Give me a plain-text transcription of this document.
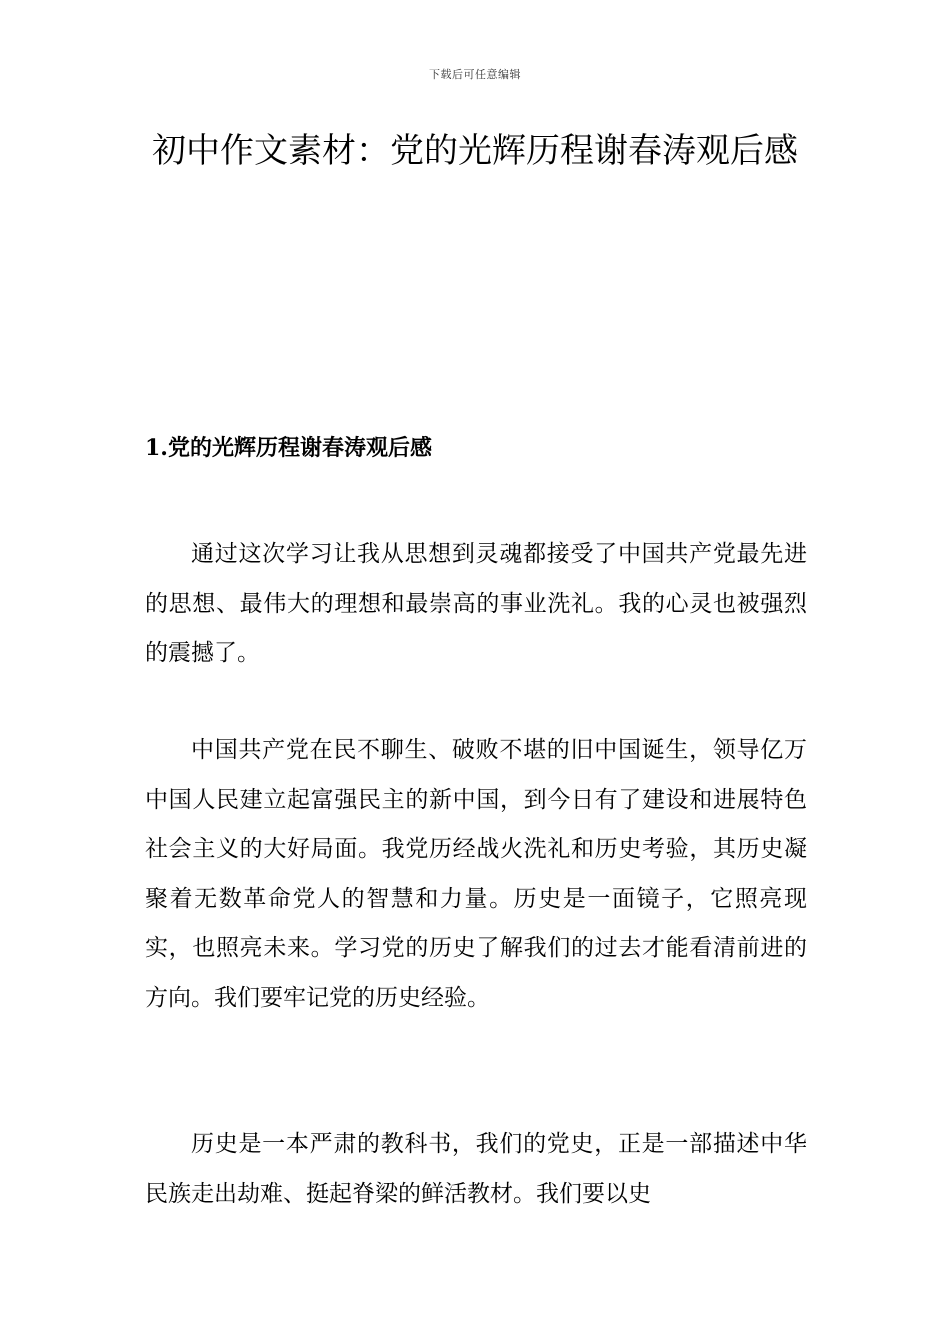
下载后可任意编辑
初中作文素材：党的光辉历程谢春涛观后感
1.党的光辉历程谢春涛观后感

通过这次学习让我从思想到灵魂都接受了中国共产党最先进的思想、最伟大的理想和最崇高的事业洗礼。我的心灵也被强烈的震撼了。

中国共产党在民不聊生、破败不堪的旧中国诞生，领导亿万中国人民建立起富强民主的新中国，到今日有了建设和进展特色社会主义的大好局面。我党历经战火洗礼和历史考验，其历史凝聚着无数革命党人的智慧和力量。历史是一面镜子，它照亮现实，也照亮未来。学习党的历史了解我们的过去才能看清前进的方向。我们要牢记党的历史经验。

历史是一本严肃的教科书，我们的党史，正是一部描述中华民族走出劫难、挺起脊梁的鲜活教材。我们要以史
